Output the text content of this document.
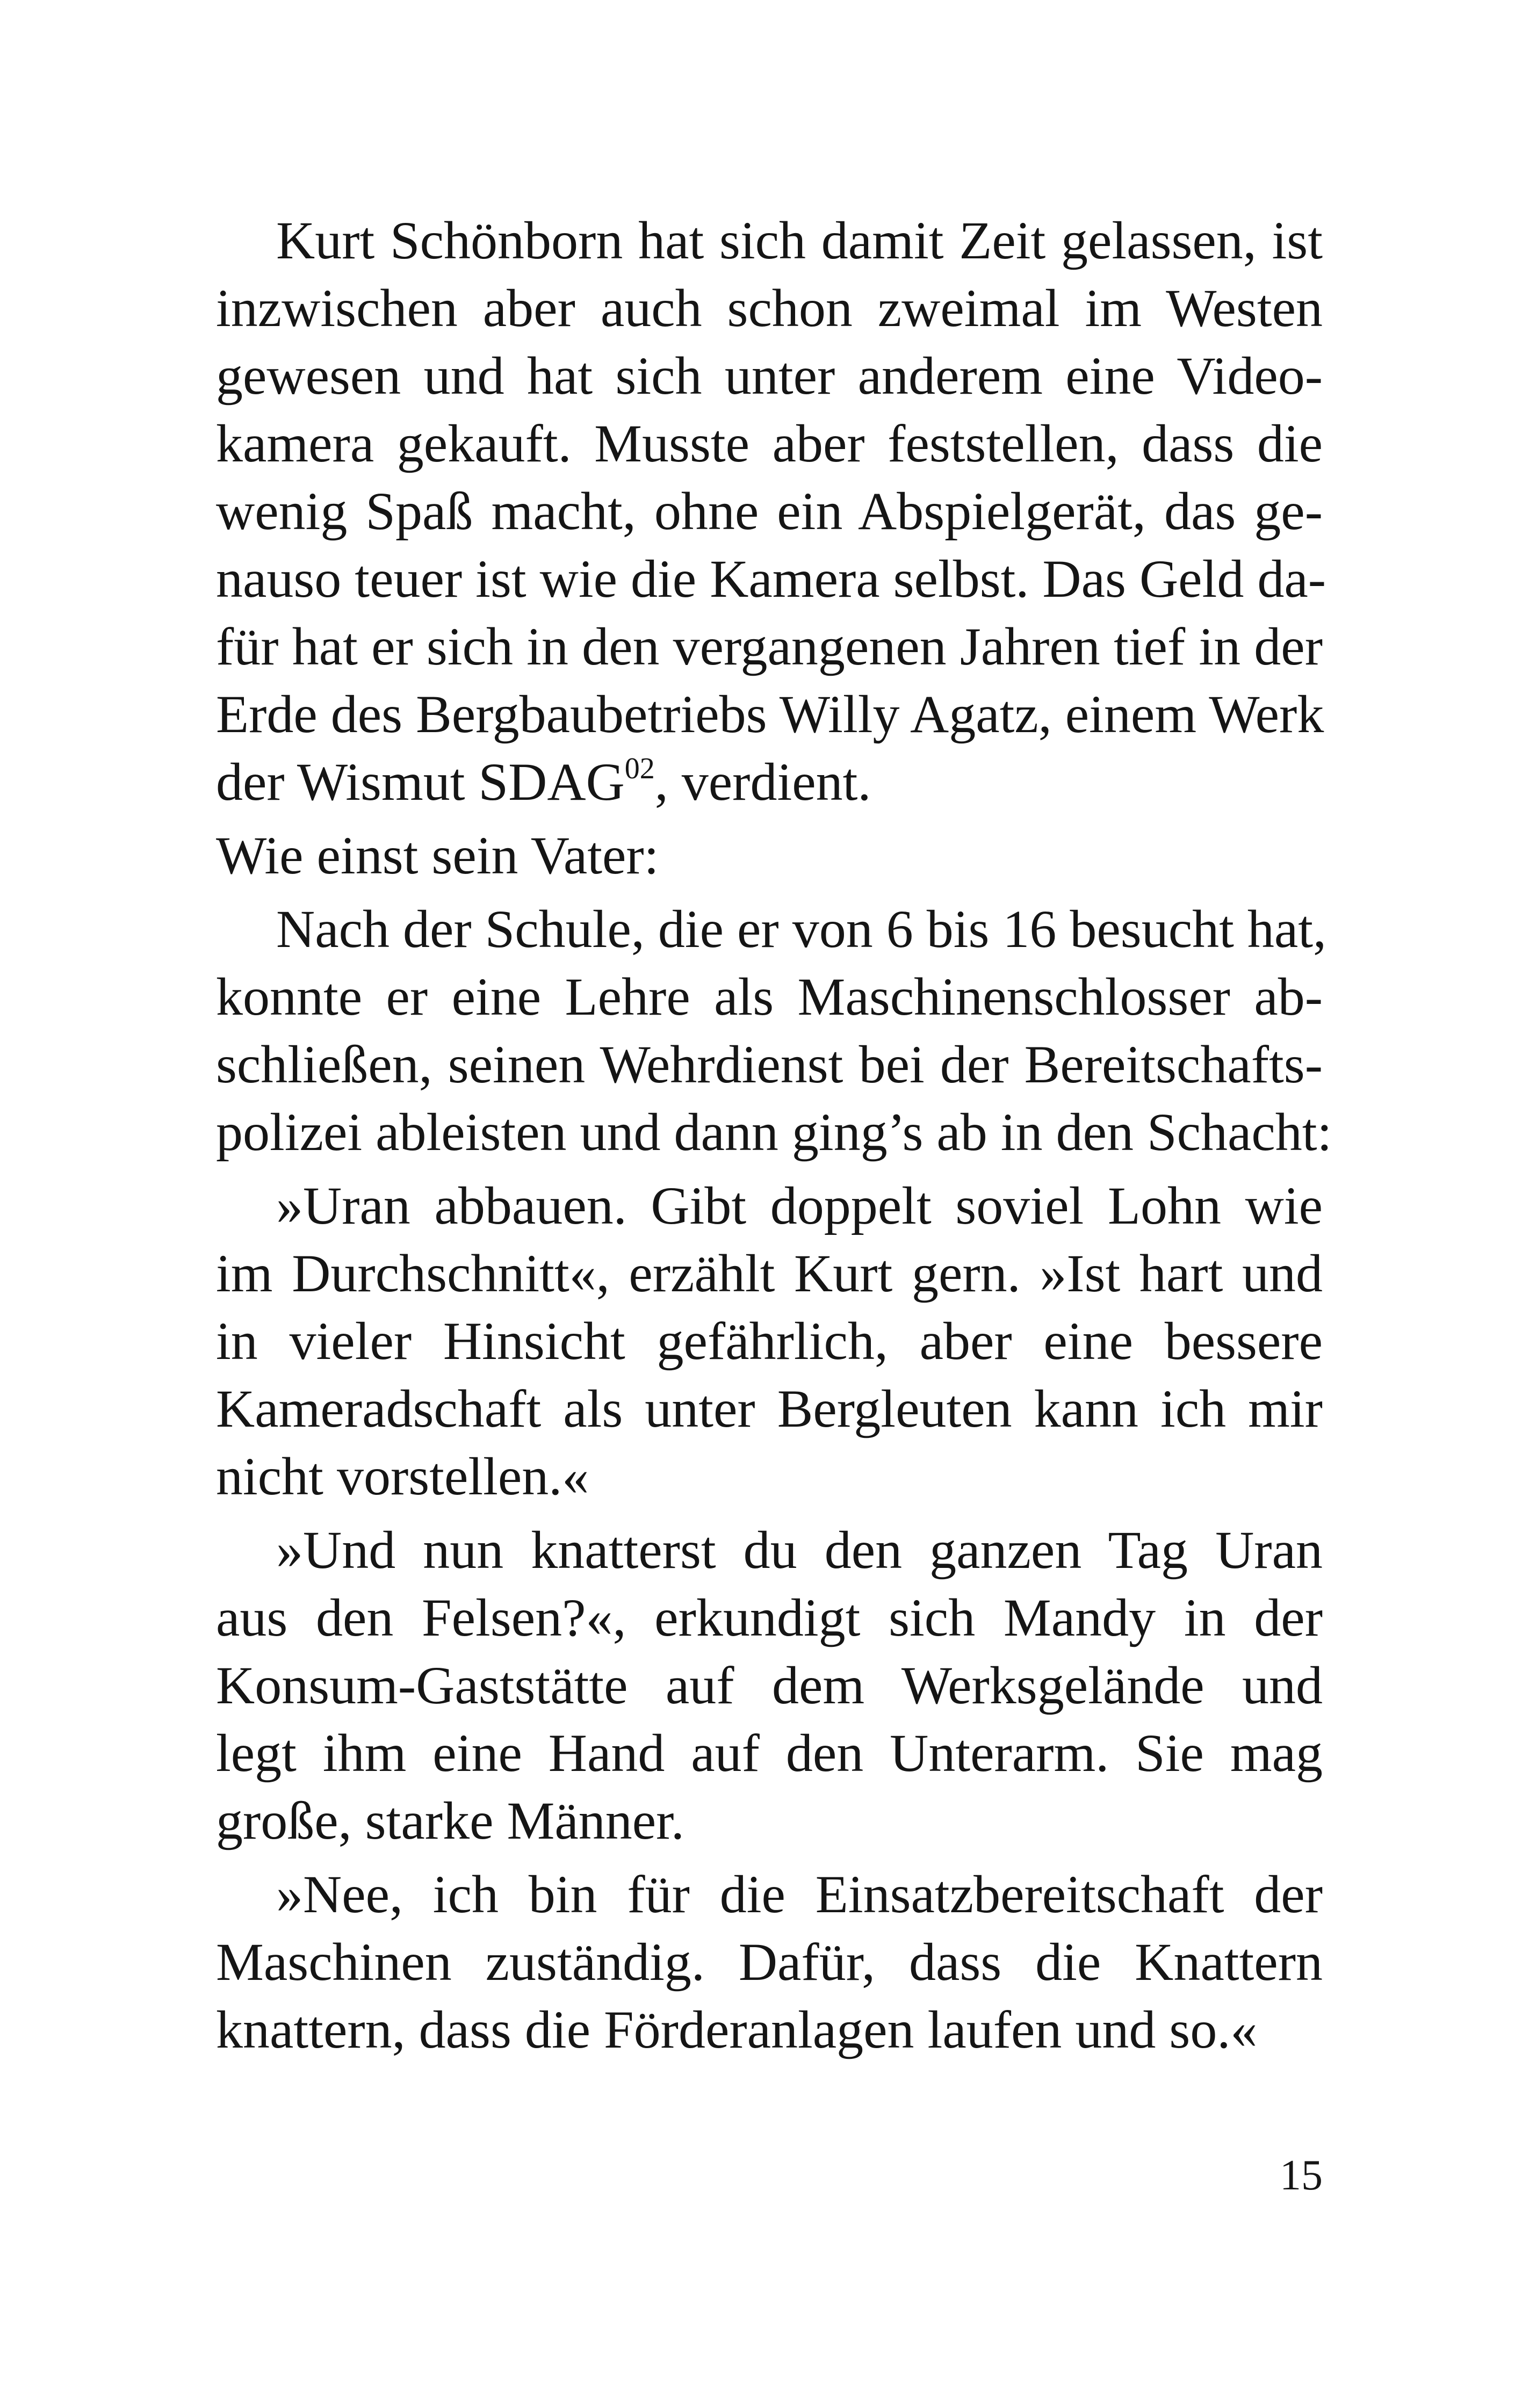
Kurt Schönborn hat sich damit Zeit gelassen, ist
inzwischen aber auch schon zweimal im Westen
gewesen und hat sich unter anderem eine Video-
kamera gekauft. Musste aber feststellen, dass die
wenig Spaß macht, ohne ein Abspielgerät, das ge-
nauso teuer ist wie die Kamera selbst. Das Geld da-
für hat er sich in den vergangenen Jahren tief in der
Erde des Bergbaubetriebs Willy Agatz, einem Werk
der Wismut SDAG$^{02}$, verdient.
Wie einst sein Vater:
Nach der Schule, die er von 6 bis 16 besucht hat,
konnte er eine Lehre als Maschinenschlosser ab-
schließen, seinen Wehrdienst bei der Bereitschafts-
polizei ableisten und dann ging’s ab in den Schacht:
»Uran abbauen. Gibt doppelt soviel Lohn wie
im Durchschnitt«, erzählt Kurt gern. »Ist hart und
in vieler Hinsicht gefährlich, aber eine bessere
Kameradschaft als unter Bergleuten kann ich mir
nicht vorstellen.«
»Und nun knatterst du den ganzen Tag Uran
aus den Felsen?«, erkundigt sich Mandy in der
Konsum-Gaststätte auf dem Werksgelände und
legt ihm eine Hand auf den Unterarm. Sie mag
große, starke Männer.
»Nee, ich bin für die Einsatzbereitschaft der
Maschinen zuständig. Dafür, dass die Knattern
knattern, dass die Förderanlagen laufen und so.«
15
